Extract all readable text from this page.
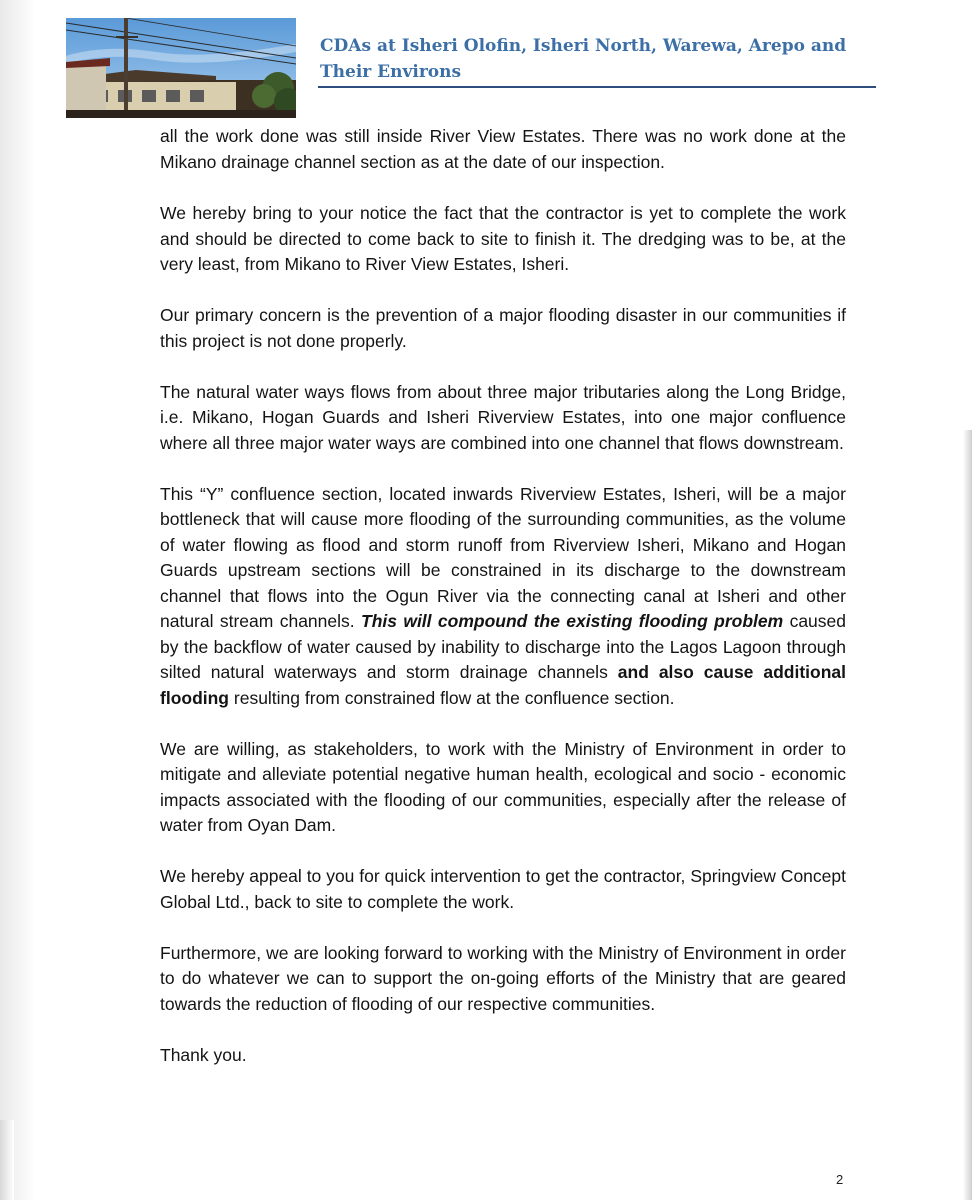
CDAs at Isheri Olofin, Isheri North, Warewa, Arepo and Their Environs

all the work done was still inside River View Estates. There was no work done at the Mikano drainage channel section as at the date of our inspection.

We hereby bring to your notice the fact that the contractor is yet to complete the work and should be directed to come back to site to finish it. The dredging was to be, at the very least, from Mikano to River View Estates, Isheri.

Our primary concern is the prevention of a major flooding disaster in our communities if this project is not done properly.

The natural water ways flows from about three major tributaries along the Long Bridge, i.e. Mikano, Hogan Guards and Isheri Riverview Estates, into one major confluence where all three major water ways are combined into one channel that flows downstream.

This “Y” confluence section, located inwards Riverview Estates, Isheri, will be a major bottleneck that will cause more flooding of the surrounding communities, as the volume of water flowing as flood and storm runoff from Riverview Isheri, Mikano and Hogan Guards upstream sections will be constrained in its discharge to the downstream channel that flows into the Ogun River via the connecting canal at Isheri and other natural stream channels. This will compound the existing flooding problem caused by the backflow of water caused by inability to discharge into the Lagos Lagoon through silted natural waterways and storm drainage channels and also cause additional flooding resulting from constrained flow at the confluence section.

We are willing, as stakeholders, to work with the Ministry of Environment in order to mitigate and alleviate potential negative human health, ecological and socio - economic impacts associated with the flooding of our communities, especially after the release of water from Oyan Dam.

We hereby appeal to you for quick intervention to get the contractor, Springview Concept Global Ltd., back to site to complete the work.

Furthermore, we are looking forward to working with the Ministry of Environment in order to do whatever we can to support the on-going efforts of the Ministry that are geared towards the reduction of flooding of our respective communities.

Thank you.

2
